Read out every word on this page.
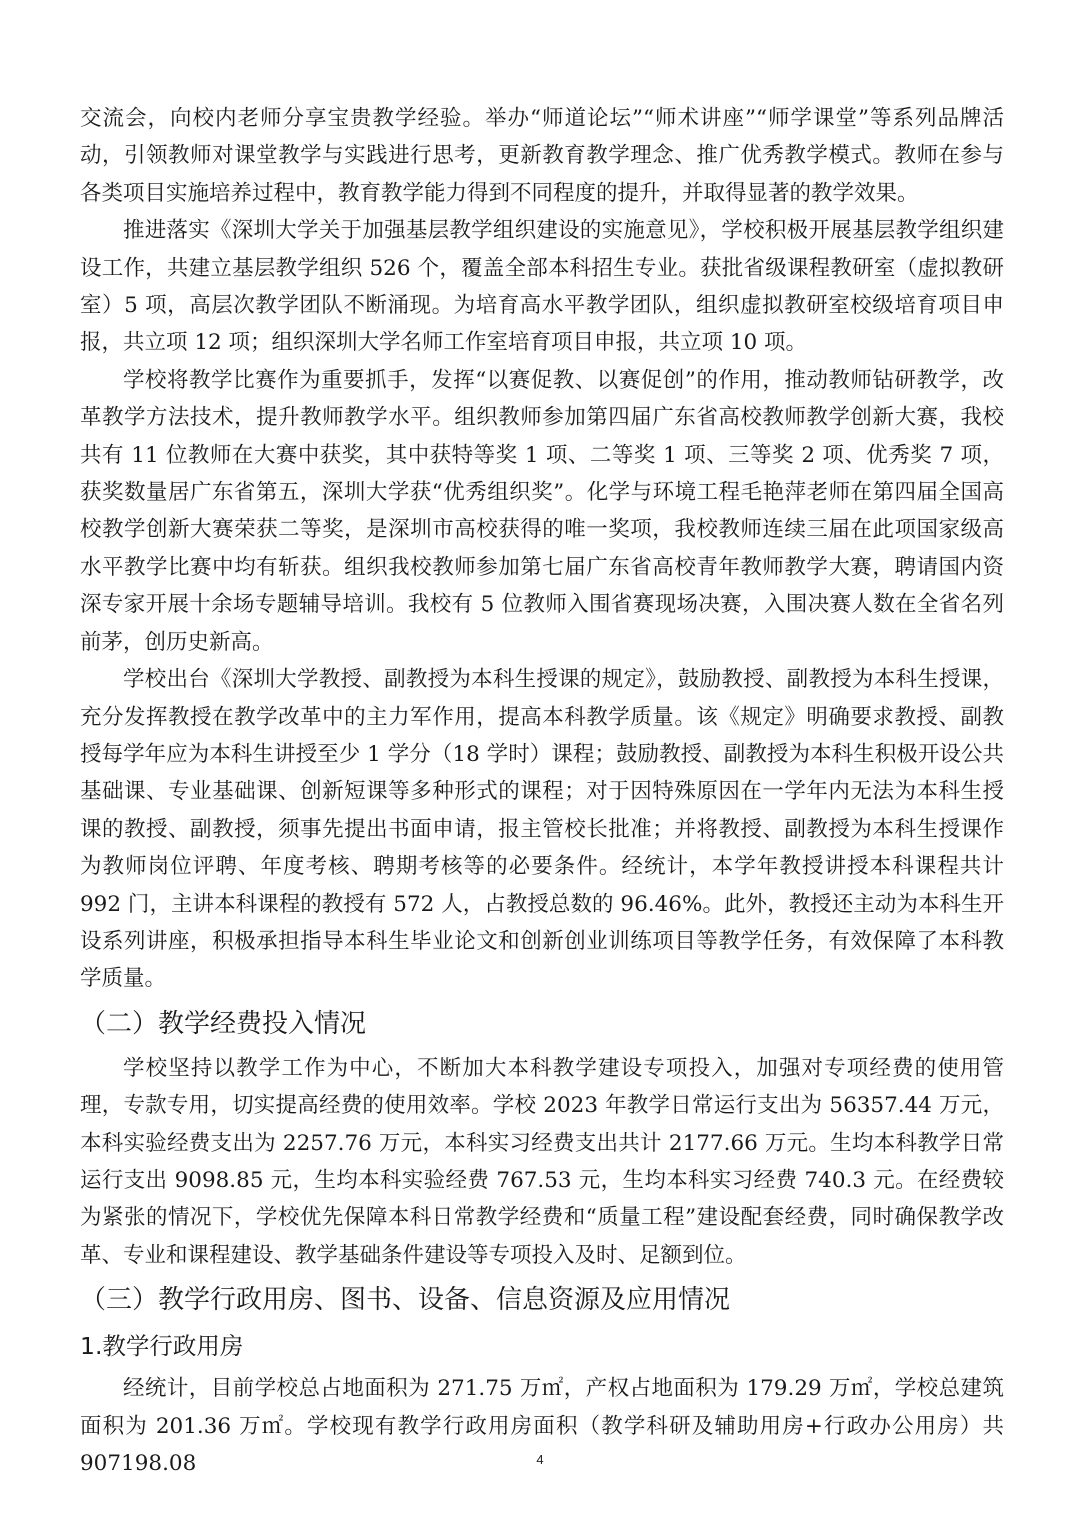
交流会，向校内老师分享宝贵教学经验。举办“师道论坛”“师术讲座”“师学课堂”等系列品牌活动，引领教师对课堂教学与实践进行思考，更新教育教学理念、推广优秀教学模式。教师在参与各类项目实施培养过程中，教育教学能力得到不同程度的提升，并取得显著的教学效果。

推进落实《深圳大学关于加强基层教学组织建设的实施意见》，学校积极开展基层教学组织建设工作，共建立基层教学组织 526 个，覆盖全部本科招生专业。获批省级课程教研室（虚拟教研室）5 项，高层次教学团队不断涌现。为培育高水平教学团队，组织虚拟教研室校级培育项目申报，共立项 12 项；组织深圳大学名师工作室培育项目申报，共立项 10 项。

学校将教学比赛作为重要抓手，发挥“以赛促教、以赛促创”的作用，推动教师钻研教学，改革教学方法技术，提升教师教学水平。组织教师参加第四届广东省高校教师教学创新大赛，我校共有 11 位教师在大赛中获奖，其中获特等奖 1 项、二等奖 1 项、三等奖 2 项、优秀奖 7 项，获奖数量居广东省第五，深圳大学获“优秀组织奖”。化学与环境工程毛艳萍老师在第四届全国高校教学创新大赛荣获二等奖，是深圳市高校获得的唯一奖项，我校教师连续三届在此项国家级高水平教学比赛中均有斩获。组织我校教师参加第七届广东省高校青年教师教学大赛，聘请国内资深专家开展十余场专题辅导培训。我校有 5 位教师入围省赛现场决赛，入围决赛人数在全省名列前茅，创历史新高。

学校出台《深圳大学教授、副教授为本科生授课的规定》，鼓励教授、副教授为本科生授课，充分发挥教授在教学改革中的主力军作用，提高本科教学质量。该《规定》明确要求教授、副教授每学年应为本科生讲授至少 1 学分（18 学时）课程；鼓励教授、副教授为本科生积极开设公共基础课、专业基础课、创新短课等多种形式的课程；对于因特殊原因在一学年内无法为本科生授课的教授、副教授，须事先提出书面申请，报主管校长批准；并将教授、副教授为本科生授课作为教师岗位评聘、年度考核、聘期考核等的必要条件。经统计，本学年教授讲授本科课程共计 992 门，主讲本科课程的教授有 572 人，占教授总数的 96.46%。此外，教授还主动为本科生开设系列讲座，积极承担指导本科生毕业论文和创新创业训练项目等教学任务，有效保障了本科教学质量。

（二）教学经费投入情况

学校坚持以教学工作为中心，不断加大本科教学建设专项投入，加强对专项经费的使用管理，专款专用，切实提高经费的使用效率。学校 2023 年教学日常运行支出为 56357.44 万元，本科实验经费支出为 2257.76 万元，本科实习经费支出共计 2177.66 万元。生均本科教学日常运行支出 9098.85 元，生均本科实验经费 767.53 元，生均本科实习经费 740.3 元。在经费较为紧张的情况下，学校优先保障本科日常教学经费和“质量工程”建设配套经费，同时确保教学改革、专业和课程建设、教学基础条件建设等专项投入及时、足额到位。

（三）教学行政用房、图书、设备、信息资源及应用情况
1.教学行政用房

经统计，目前学校总占地面积为 271.75 万㎡，产权占地面积为 179.29 万㎡，学校总建筑面积为 201.36 万㎡。学校现有教学行政用房面积（教学科研及辅助用房+行政办公用房）共 907198.08	4
